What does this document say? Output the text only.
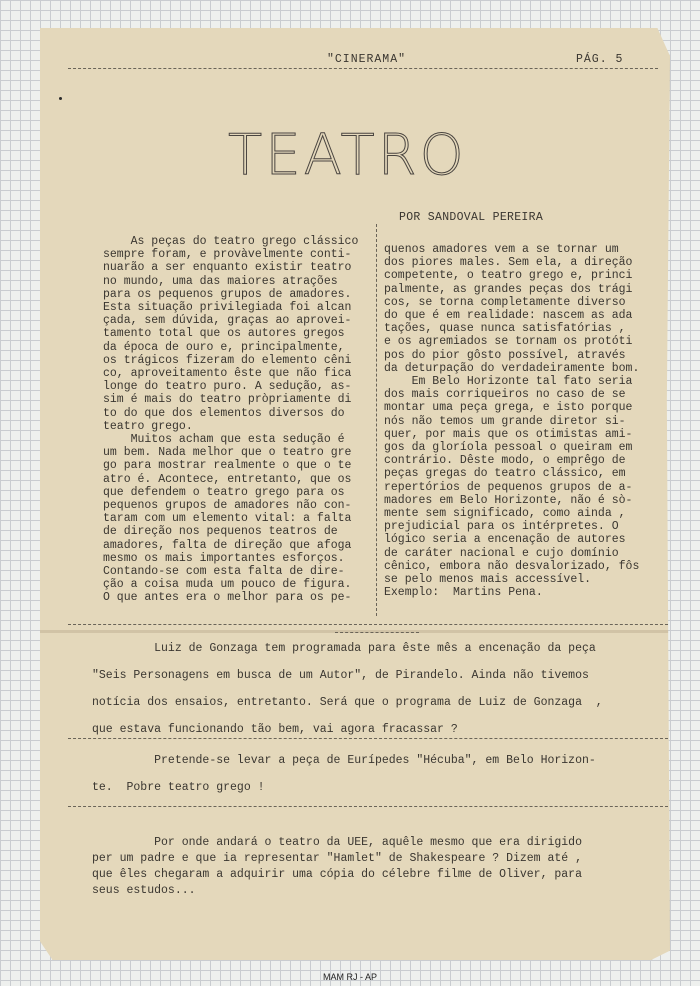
"CINERAMA"	PÁG. 5
TEATRO
POR SANDOVAL PEREIRA
As peças do teatro grego clássico
sempre foram, e provàvelmente conti-
nuarão a ser enquanto existir teatro
no mundo, uma das maiores atrações
para os pequenos grupos de amadores.
Esta situação privilegiada foi alcan
çada, sem dúvida, graças ao aprovei-
tamento total que os autores gregos
da época de ouro e, principalmente,
os trágicos fizeram do elemento cêni
co, aproveitamento êste que não fica
longe do teatro puro. A sedução, as-
sim é mais do teatro pròpriamente di
to do que dos elementos diversos do
teatro grego.
Muitos acham que esta sedução é
um bem. Nada melhor que o teatro gre
go para mostrar realmente o que o te
atro é. Acontece, entretanto, que os
que defendem o teatro grego para os
pequenos grupos de amadores não con-
taram com um elemento vital: a falta
de direção nos pequenos teatros de
amadores, falta de direção que afoga
mesmo os mais importantes esforços.
Contando-se com esta falta de dire-
ção a coisa muda um pouco de figura.
O que antes era o melhor para os pe-
quenos amadores vem a se tornar um
dos piores males. Sem ela, a direção
competente, o teatro grego e, princi
palmente, as grandes peças dos trági
cos, se torna completamente diverso
do que é em realidade: nascem as ada
tações, quase nunca satisfatórias ,
e os agremiados se tornam os protóti
pos do pior gôsto possível, através
da deturpação do verdadeiramente bom.
Em Belo Horizonte tal fato seria
dos mais corriqueiros no caso de se
montar uma peça grega, e isto porque
nós não temos um grande diretor si-
quer, por mais que os otimistas ami-
gos da gloríola pessoal o queiram em
contrário. Dêste modo, o emprêgo de
peças gregas do teatro clássico, em
repertórios de pequenos grupos de a-
madores em Belo Horizonte, não é sò-
mente sem significado, como ainda ,
prejudicial para os intérpretes. O
lógico seria a encenação de autores
de caráter nacional e cujo domínio
cênico, embora não desvalorizado, fôs
se pelo menos mais accessível.
Exemplo:  Martins Pena.
Luiz de Gonzaga tem programada para êste mês a encenação da peça
"Seis Personagens em busca de um Autor", de Pirandelo. Ainda não tivemos
notícia dos ensaios, entretanto. Será que o programa de Luiz de Gonzaga  ,
que estava funcionando tão bem, vai agora fracassar ?
Pretende-se levar a peça de Eurípedes "Hécuba", em Belo Horizon-
te.  Pobre teatro grego !
Por onde andará o teatro da UEE, aquêle mesmo que era dirigido
per um padre e que ia representar "Hamlet" de Shakespeare ? Dizem até ,
que êles chegaram a adquirir uma cópia do célebre filme de Oliver, para
seus estudos...
MAM RJ - AP
